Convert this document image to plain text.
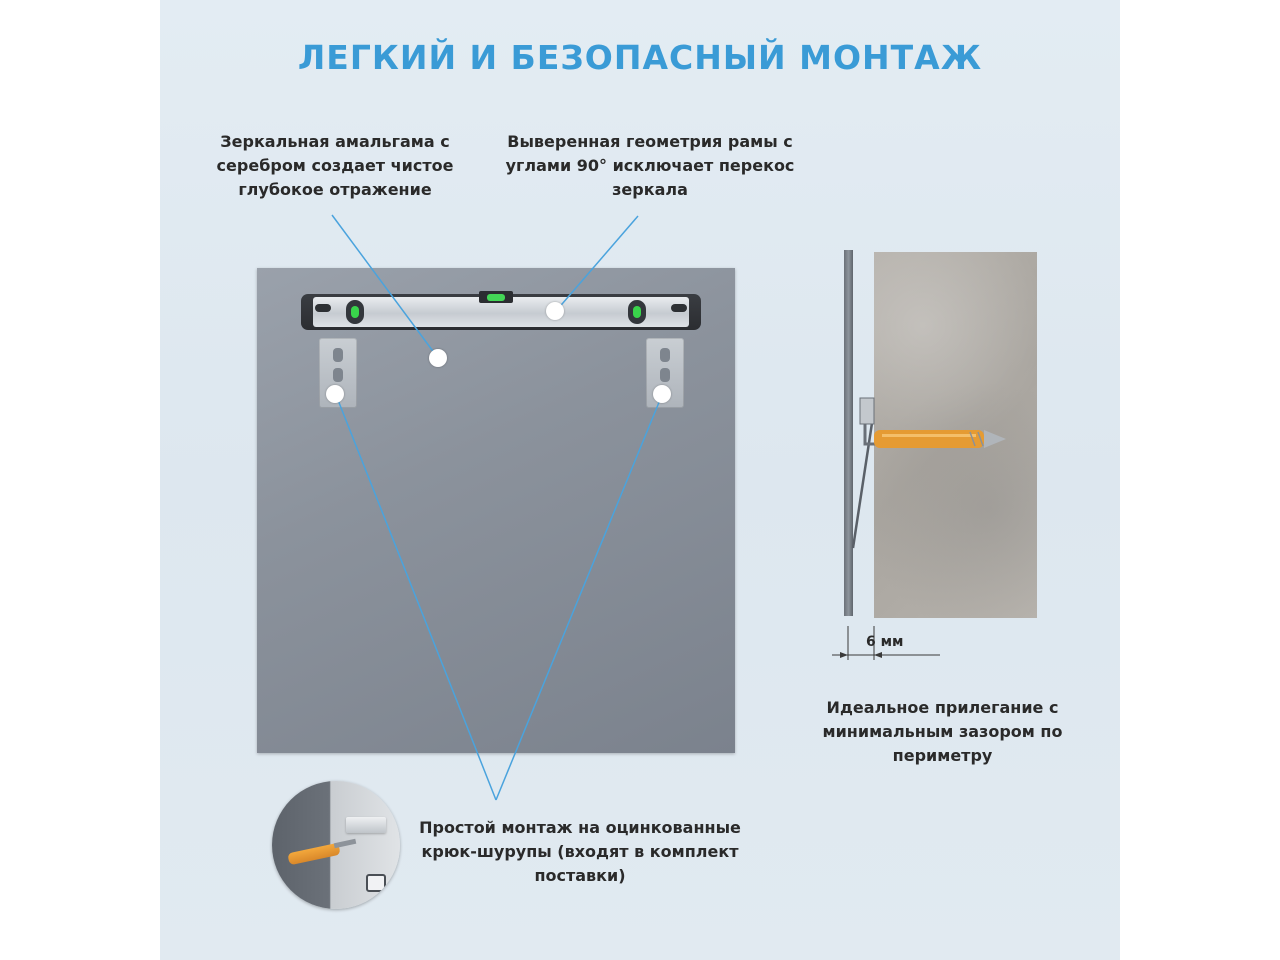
ЛЕГКИЙ И БЕЗОПАСНЫЙ МОНТАЖ

Зеркальная амальгама с серебром создает чистое глубокое отражение

Выверенная геометрия рамы с углами 90° исключает перекос зеркала

6 мм

Идеальное прилегание с минимальным зазором по периметру

Простой монтаж на оцинкованные крюк-шурупы (входят в комплект поставки)
